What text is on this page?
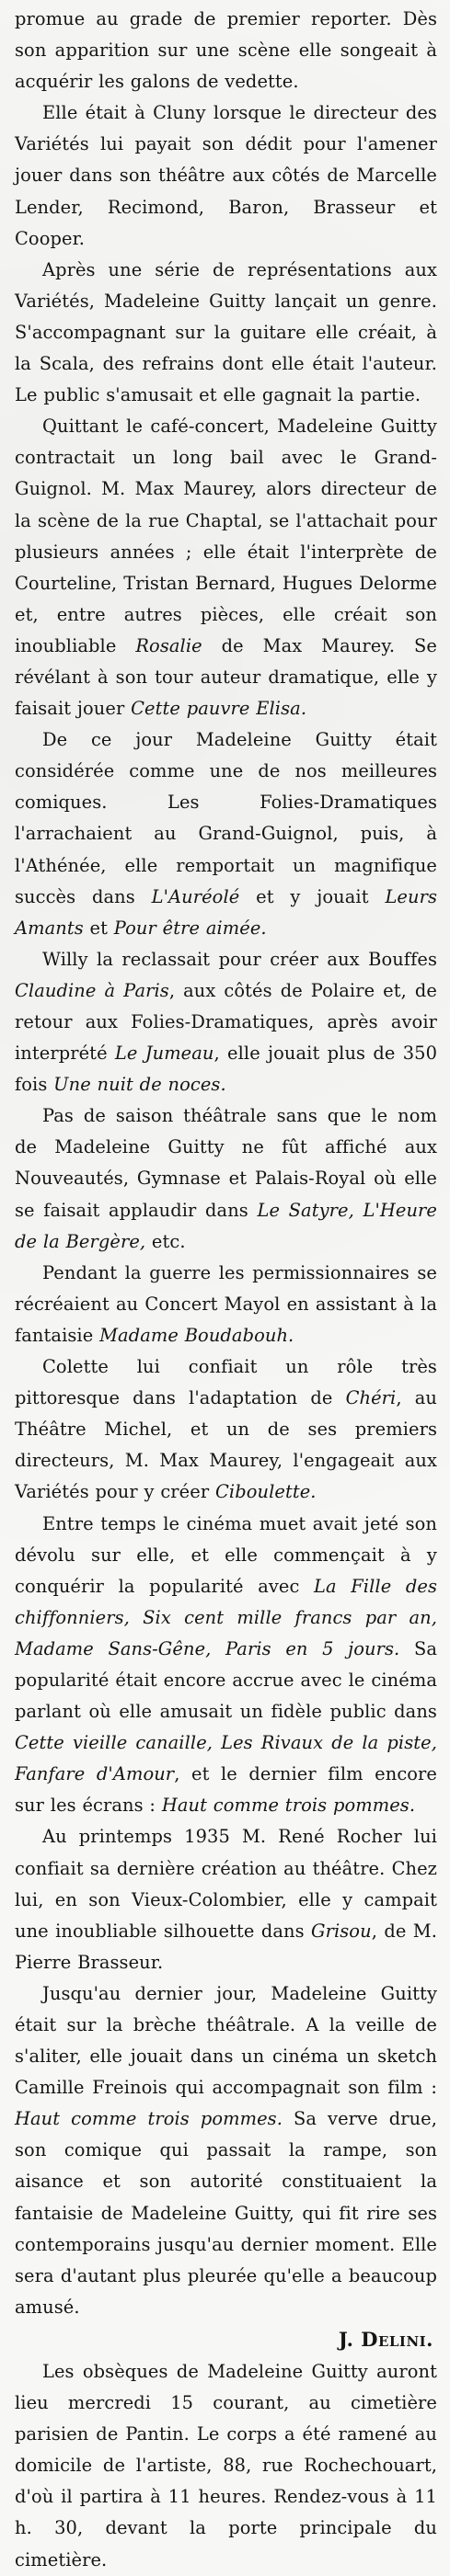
promue au grade de premier reporter. Dès son apparition sur une scène elle songeait à acquérir les galons de vedette.

Elle était à Cluny lorsque le directeur des Variétés lui payait son dédit pour l'amener jouer dans son théâtre aux côtés de Marcelle Lender, Recimond, Baron, Brasseur et Cooper.

Après une série de représentations aux Variétés, Madeleine Guitty lançait un genre. S'accompagnant sur la guitare elle créait, à la Scala, des refrains dont elle était l'auteur. Le public s'amusait et elle gagnait la partie.

Quittant le café-concert, Madeleine Guitty contractait un long bail avec le Grand-Guignol. M. Max Maurey, alors directeur de la scène de la rue Chaptal, se l'attachait pour plusieurs années ; elle était l'interprète de Courteline, Tristan Bernard, Hugues Delorme et, entre autres pièces, elle créait son inoubliable Rosalie de Max Maurey. Se révélant à son tour auteur dramatique, elle y faisait jouer Cette pauvre Elisa.

De ce jour Madeleine Guitty était considérée comme une de nos meilleures comiques. Les Folies-Dramatiques l'arrachaient au Grand-Guignol, puis, à l'Athénée, elle remportait un magnifique succès dans L'Auréolé et y jouait Leurs Amants et Pour être aimée.

Willy la reclassait pour créer aux Bouffes Claudine à Paris, aux côtés de Polaire et, de retour aux Folies-Dramatiques, après avoir interprété Le Jumeau, elle jouait plus de 350 fois Une nuit de noces.

Pas de saison théâtrale sans que le nom de Madeleine Guitty ne fût affiché aux Nouveautés, Gymnase et Palais-Royal où elle se faisait applaudir dans Le Satyre, L'Heure de la Bergère, etc.

Pendant la guerre les permissionnaires se récréaient au Concert Mayol en assistant à la fantaisie Madame Boudabouh.

Colette lui confiait un rôle très pittoresque dans l'adaptation de Chéri, au Théâtre Michel, et un de ses premiers directeurs, M. Max Maurey, l'engageait aux Variétés pour y créer Ciboulette.

Entre temps le cinéma muet avait jeté son dévolu sur elle, et elle commençait à y conquérir la popularité avec La Fille des chiffonniers, Six cent mille francs par an, Madame Sans-Gêne, Paris en 5 jours. Sa popularité était encore accrue avec le cinéma parlant où elle amusait un fidèle public dans Cette vieille canaille, Les Rivaux de la piste, Fanfare d'Amour, et le dernier film encore sur les écrans : Haut comme trois pommes.

Au printemps 1935 M. René Rocher lui confiait sa dernière création au théâtre. Chez lui, en son Vieux-Colombier, elle y campait une inoubliable silhouette dans Grisou, de M. Pierre Brasseur.

Jusqu'au dernier jour, Madeleine Guitty était sur la brèche théâtrale. A la veille de s'aliter, elle jouait dans un cinéma un sketch Camille Freinois qui accompagnait son film : Haut comme trois pommes. Sa verve drue, son comique qui passait la rampe, son aisance et son autorité constituaient la fantaisie de Madeleine Guitty, qui fit rire ses contemporains jusqu'au dernier moment. Elle sera d'autant plus pleurée qu'elle a beaucoup amusé.

J. Delini.

Les obsèques de Madeleine Guitty auront lieu mercredi 15 courant, au cimetière parisien de Pantin. Le corps a été ramené au domicile de l'artiste, 88, rue Rochechouart, d'où il partira à 11 heures. Rendez-vous à 11 h. 30, devant la porte principale du cimetière.
